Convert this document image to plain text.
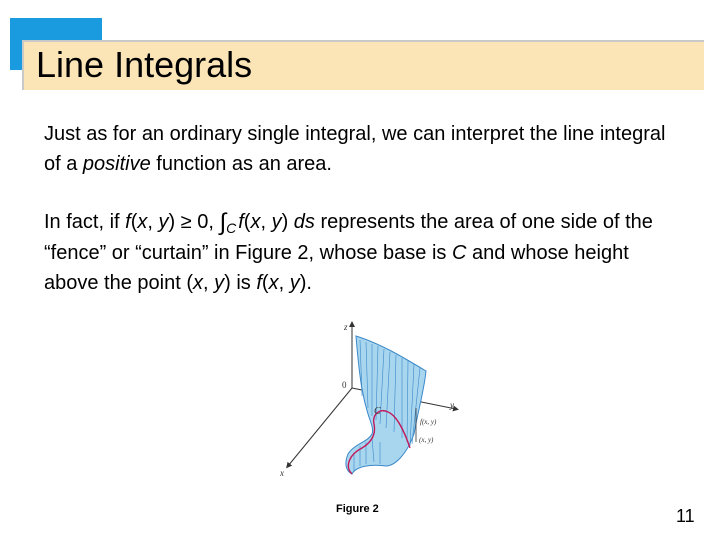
Line Integrals
Just as for an ordinary single integral, we can interpret the line integral of a positive function as an area.
In fact, if f(x, y) ≥ 0, $\int_C$ f(x, y) ds represents the area of one side of the “fence” or “curtain” in Figure 2, whose base is C and whose height above the point (x, y) is f(x, y).
z
0
y
x
C
f(x, y)
(x, y)
Figure 2	11
